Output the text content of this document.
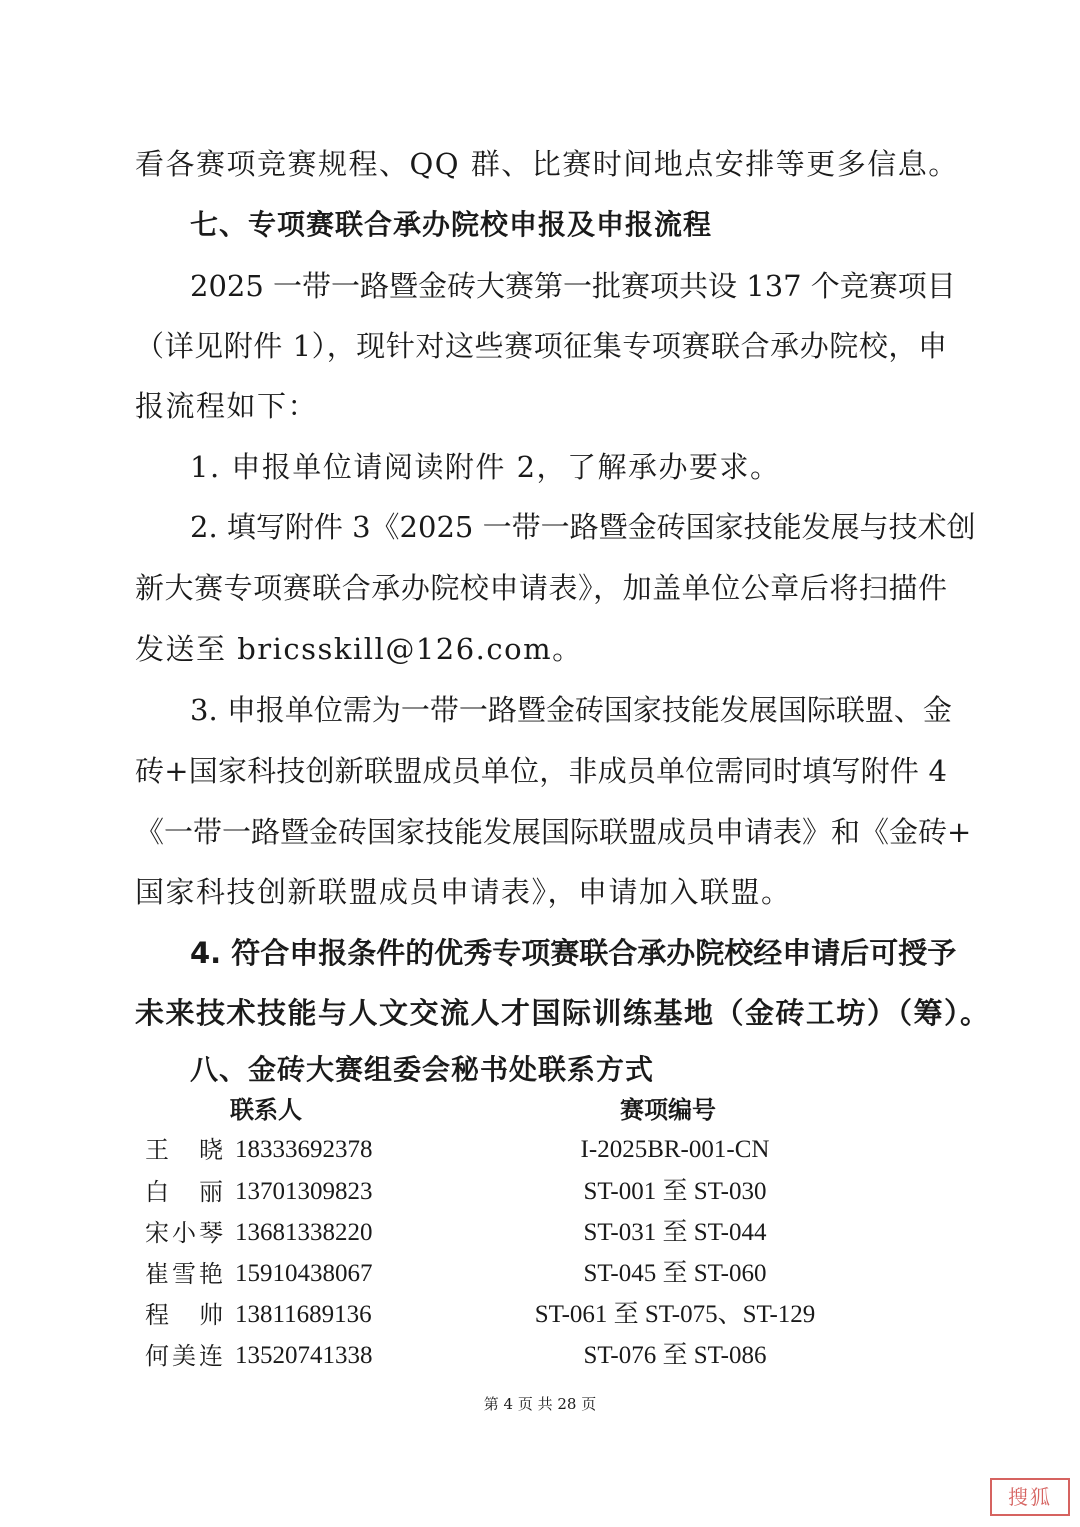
看各赛项竞赛规程、QQ 群、比赛时间地点安排等更多信息。
七、专项赛联合承办院校申报及申报流程
2025 一带一路暨金砖大赛第一批赛项共设 137 个竞赛项目
（详见附件 1），现针对这些赛项征集专项赛联合承办院校，申
报流程如下：
1. 申报单位请阅读附件 2，了解承办要求。
2. 填写附件 3《2025 一带一路暨金砖国家技能发展与技术创
新大赛专项赛联合承办院校申请表》，加盖单位公章后将扫描件
发送至 bricsskill@126.com。
3. 申报单位需为一带一路暨金砖国家技能发展国际联盟、金
砖+国家科技创新联盟成员单位，非成员单位需同时填写附件 4
《一带一路暨金砖国家技能发展国际联盟成员申请表》和《金砖+
国家科技创新联盟成员申请表》，申请加入联盟。
4. 符合申报条件的优秀专项赛联合承办院校经申请后可授予
未来技术技能与人文交流人才国际训练基地（金砖工坊）（筹）。
八、金砖大赛组委会秘书处联系方式
联系人	赛项编号
王晓 18333692378	I-2025BR-001-CN
白丽 13701309823	ST-001 至 ST-030
宋小琴 13681338220	ST-031 至 ST-044
崔雪艳 15910438067	ST-045 至 ST-060
程帅 13811689136	ST-061 至 ST-075、ST-129
何美连 13520741338	ST-076 至 ST-086
第 4 页 共 28 页
搜狐
